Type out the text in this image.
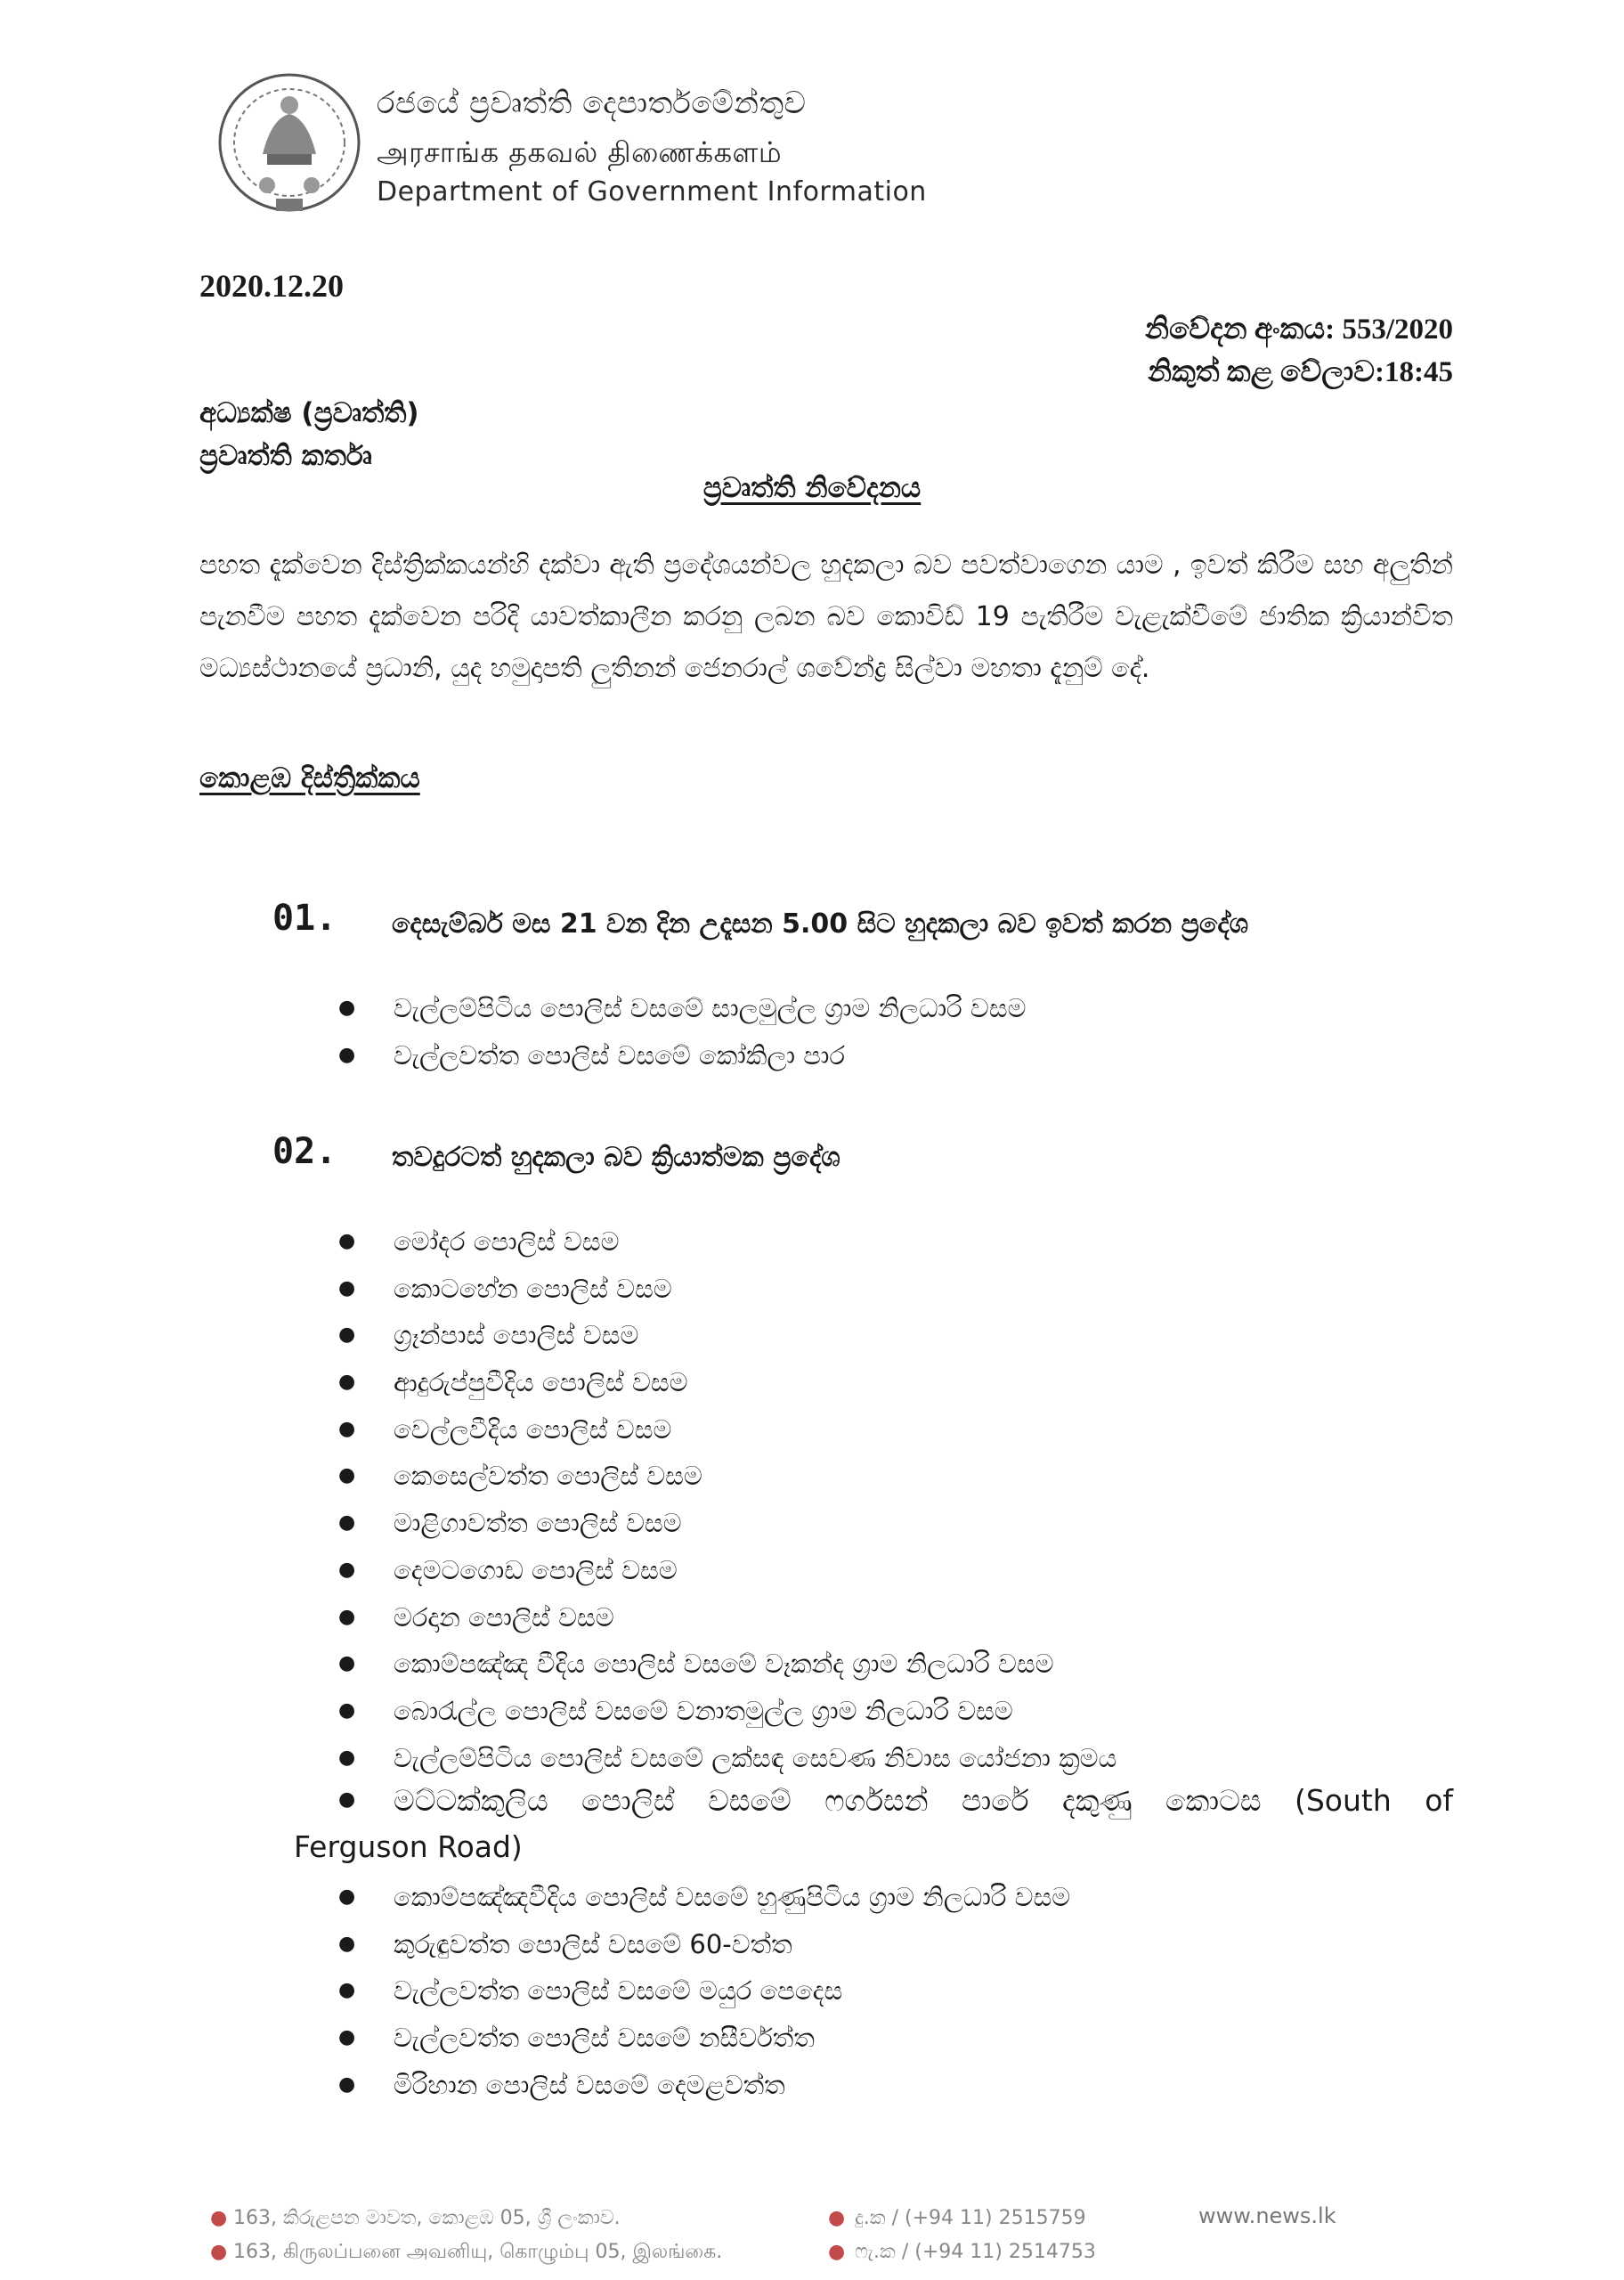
රජයේ ප්‍රවෘත්ති දෙපාර්තමේන්තුව
அரசாங்க தகவல் திணைக்களம்
Department of Government Information
2020.12.20
නිවේදන අංකය: 553/2020
නිකුත් කළ වේලාව:18:45
අධ්‍යක්ෂ (ප්‍රවෘත්ති)
ප්‍රවෘත්ති කර්තෘ
ප්‍රවෘත්ති නිවේදනය
පහත දැක්වෙන දිස්ත්‍රික්කයන්හි දක්වා ඇති ප්‍රදේශයන්වල හුදකලා බව පවත්වාගෙන යාම , ඉවත් කිරීම සහ අලුතින් පැනවීම පහත දැක්වෙන පරිදි යාවත්කාලීන කරනු ලබන බව කොවිඩ් 19 පැතිරීම වැළැක්වීමේ ජාතික ක්‍රියාන්විත මධ්‍යස්ථානයේ ප්‍රධානි, යුද හමුදාපති ලුතිනන් ජෙනරාල් ශවේන්ද්‍ර සිල්වා මහතා දැනුම් දේ.
කොළඹ දිස්ත්‍රික්කය
01. දෙසැම්බර් මස 21 වන දින උදෑසන 5.00 සිට හුදකලා බව ඉවත් කරන ප්‍රදේශ
● වැල්ලම්පිටිය පොලිස් වසමේ සාලමුල්ල ග්‍රාම නිලධාරි වසම
● වැල්ලවත්ත පොලිස් වසමේ කෝකිලා පාර
02. තවදුරටත් හුදකලා බව ක්‍රියාත්මක ප්‍රදේශ
● මෝදර පොලිස් වසම
● කොටහේන පොලිස් වසම
● ග්‍රෑන්පාස් පොලිස් වසම
● ආදුරුප්පුවීදිය පොලිස් වසම
● වෙල්ලවීදිය පොලිස් වසම
● කෙසෙල්වත්ත පොලිස් වසම
● මාළිගාවත්ත පොලිස් වසම
● දෙමටගොඩ පොලිස් වසම
● මරදාන පොලිස් වසම
● කොම්පඤ්ඤ වීදිය පොලිස් වසමේ වෑකන්ද ග්‍රාම නිලධාරි වසම
● බොරැල්ල පොලිස් වසමේ වනාතමුල්ල ග්‍රාම නිලධාරි වසම
● වැල්ලම්පිටිය පොලිස් වසමේ ලක්සඳ සෙවණ නිවාස යෝජනා ක්‍රමය
● මට්ටක්කුලිය පොලිස් වසමේ ෆර්ගසන් පාරේ දකුණු කොටස (South of
Ferguson Road)
● කොම්පඤ්ඤවීදිය පොලිස් වසමේ හුණුපිටිය ග්‍රාම නිලධාරි වසම
● කුරුඳුවත්ත පොලිස් වසමේ 60-වත්ත
● වැල්ලවත්ත පොලිස් වසමේ මයුර පෙදෙස
● වැල්ලවත්ත පොලිස් වසමේ නසීර්වත්ත
● මිරිහාන පොලිස් වසමේ දෙමළවත්ත
●
●
163, කිරුළපන මාවත, කොළඹ 05, ශ්‍රී ලංකාව.
163, கிருலப்பனை அவனியு, கொழும்பு 05, இலங்கை.
●
●
දු.ක / (+94 11) 2515759
ෆැ.ක / (+94 11) 2514753
www.news.lk
